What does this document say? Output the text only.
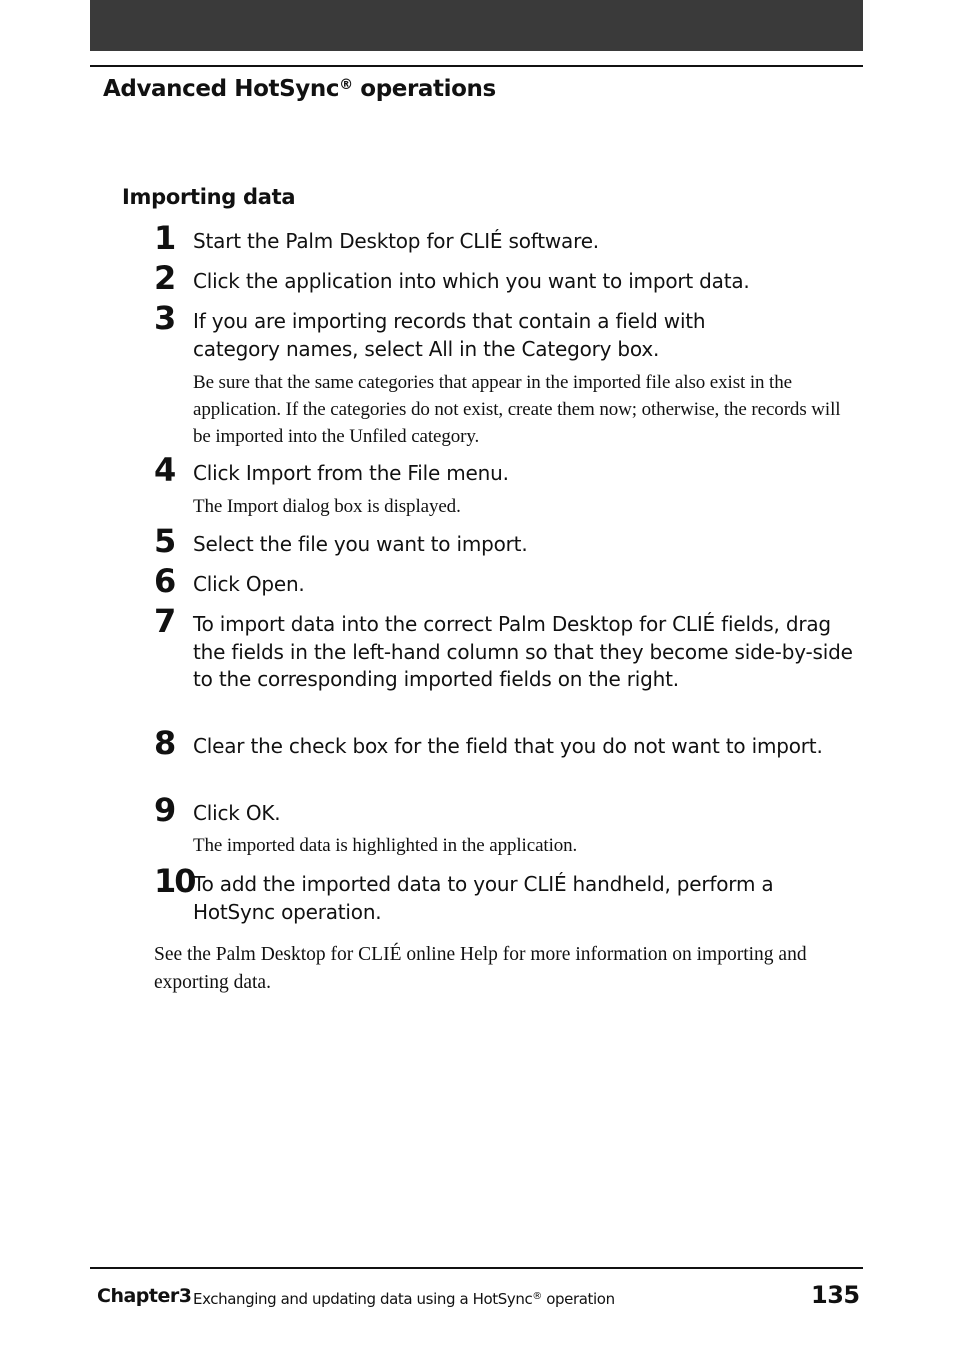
Advanced HotSync® operations
Importing data
1 Start the Palm Desktop for CLIÉ software.
2 Click the application into which you want to import data.
3 If you are importing records that contain a field with category names, select All in the Category box.
Be sure that the same categories that appear in the imported file also exist in the application. If the categories do not exist, create them now; otherwise, the records will be imported into the Unfiled category.
4 Click Import from the File menu.
The Import dialog box is displayed.
5 Select the file you want to import.
6 Click Open.
7 To import data into the correct Palm Desktop for CLIÉ fields, drag the fields in the left-hand column so that they become side-by-side to the corresponding imported fields on the right.
8 Clear the check box for the field that you do not want to import.
9 Click OK.
The imported data is highlighted in the application.
10
To add the imported data to your CLIÉ handheld, perform a HotSync operation.
See the Palm Desktop for CLIÉ online Help for more information on importing and exporting data.
Chapter3 Exchanging and updating data using a HotSync® operation	135
